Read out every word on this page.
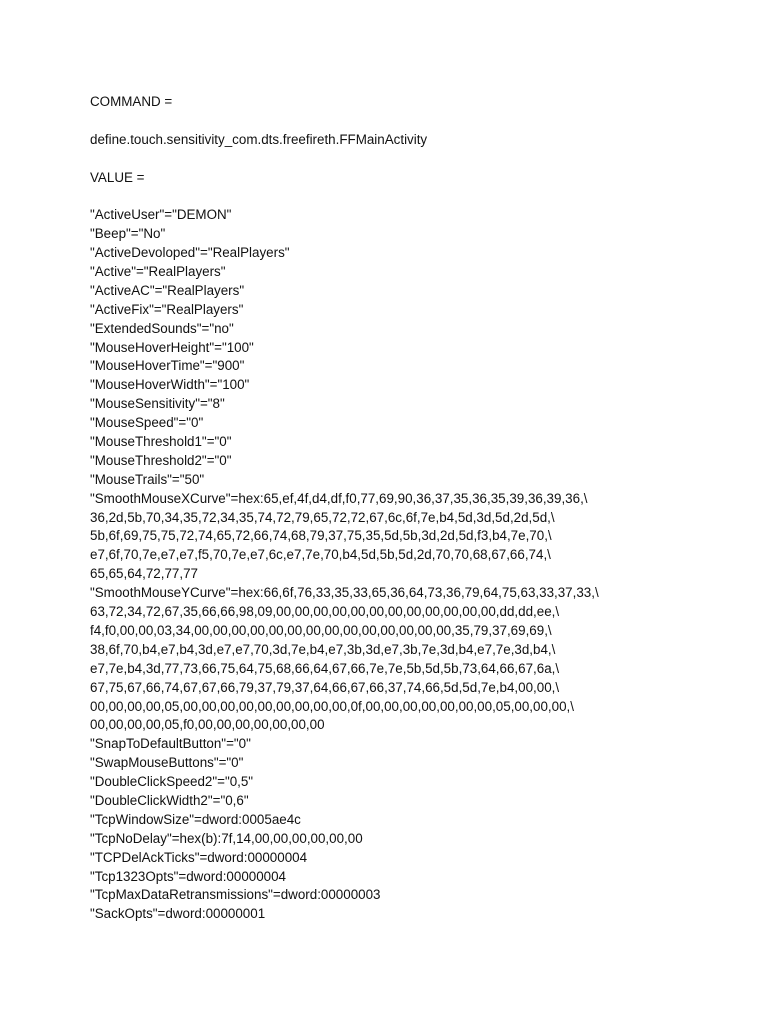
COMMAND =
define.touch.sensitivity_com.dts.freefireth.FFMainActivity
VALUE =
"ActiveUser"="DEMON"
"Beep"="No"
"ActiveDevoloped"="RealPlayers"
"Active"="RealPlayers"
"ActiveAC"="RealPlayers"
"ActiveFix"="RealPlayers"
"ExtendedSounds"="no"
"MouseHoverHeight"="100"
"MouseHoverTime"="900"
"MouseHoverWidth"="100"
"MouseSensitivity"="8"
"MouseSpeed"="0"
"MouseThreshold1"="0"
"MouseThreshold2"="0"
"MouseTrails"="50"
"SmoothMouseXCurve"=hex:65,ef,4f,d4,df,f0,77,69,90,36,37,35,36,35,39,36,39,36,\
36,2d,5b,70,34,35,72,34,35,74,72,79,65,72,72,67,6c,6f,7e,b4,5d,3d,5d,2d,5d,\
5b,6f,69,75,75,72,74,65,72,66,74,68,79,37,75,35,5d,5b,3d,2d,5d,f3,b4,7e,70,\
e7,6f,70,7e,e7,e7,f5,70,7e,e7,6c,e7,7e,70,b4,5d,5b,5d,2d,70,70,68,67,66,74,\
65,65,64,72,77,77
"SmoothMouseYCurve"=hex:66,6f,76,33,35,33,65,36,64,73,36,79,64,75,63,33,37,33,\
63,72,34,72,67,35,66,66,98,09,00,00,00,00,00,00,00,00,00,00,00,00,dd,dd,ee,\
f4,f0,00,00,03,34,00,00,00,00,00,00,00,00,00,00,00,00,00,00,35,79,37,69,69,\
38,6f,70,b4,e7,b4,3d,e7,e7,70,3d,7e,b4,e7,3b,3d,e7,3b,7e,3d,b4,e7,7e,3d,b4,\
e7,7e,b4,3d,77,73,66,75,64,75,68,66,64,67,66,7e,7e,5b,5d,5b,73,64,66,67,6a,\
67,75,67,66,74,67,67,66,79,37,79,37,64,66,67,66,37,74,66,5d,5d,7e,b4,00,00,\
00,00,00,00,05,00,00,00,00,00,00,00,00,00,0f,00,00,00,00,00,00,00,05,00,00,00,\
00,00,00,00,05,f0,00,00,00,00,00,00,00
"SnapToDefaultButton"="0"
"SwapMouseButtons"="0"
"DoubleClickSpeed2"="0,5"
"DoubleClickWidth2"="0,6"
"TcpWindowSize"=dword:0005ae4c
"TcpNoDelay"=hex(b):7f,14,00,00,00,00,00,00
"TCPDelAckTicks"=dword:00000004
"Tcp1323Opts"=dword:00000004
"TcpMaxDataRetransmissions"=dword:00000003
"SackOpts"=dword:00000001
